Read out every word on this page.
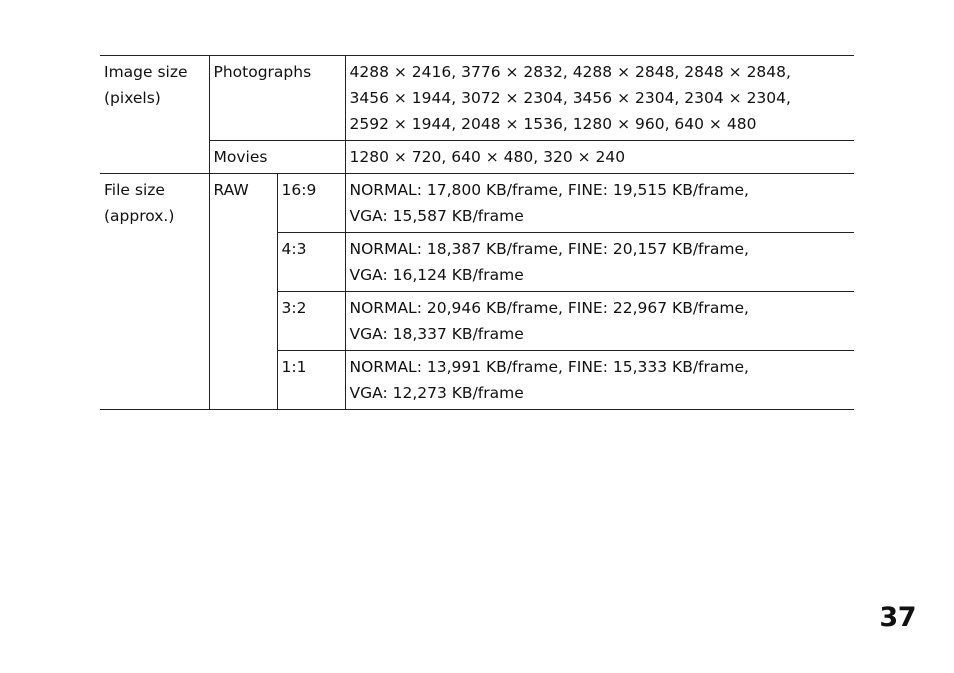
Image size
(pixels)	Photographs		4288 × 2416, 3776 × 2832, 4288 × 2848, 2848 × 2848,
3456 × 1944, 3072 × 2304, 3456 × 2304, 2304 × 2304,
2592 × 1944, 2048 × 1536, 1280 × 960, 640 × 480

	Movies		1280 × 720, 640 × 480, 320 × 240

File size
(approx.)	RAW	16:9	NORMAL: 17,800 KB/frame, FINE: 19,515 KB/frame,
VGA: 15,587 KB/frame

		4:3	NORMAL: 18,387 KB/frame, FINE: 20,157 KB/frame,
VGA: 16,124 KB/frame

		3:2	NORMAL: 20,946 KB/frame, FINE: 22,967 KB/frame,
VGA: 18,337 KB/frame

		1:1	NORMAL: 13,991 KB/frame, FINE: 15,333 KB/frame,
VGA: 12,273 KB/frame
37
